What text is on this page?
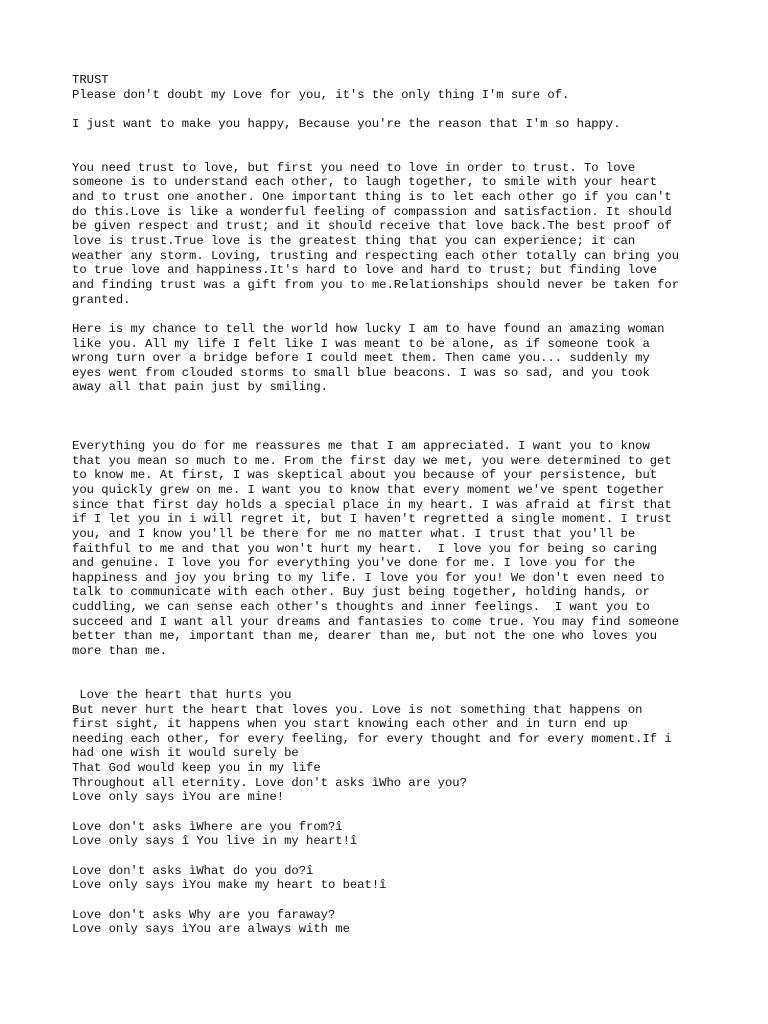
TRUST
Please don't doubt my Love for you, it's the only thing I'm sure of.
I just want to make you happy, Because you're the reason that I'm so happy.
You need trust to love, but first you need to love in order to trust. To love
someone is to understand each other, to laugh together, to smile with your heart
and to trust one another. One important thing is to let each other go if you can't
do this.Love is like a wonderful feeling of compassion and satisfaction. It should
be given respect and trust; and it should receive that love back.The best proof of
love is trust.True love is the greatest thing that you can experience; it can
weather any storm. Loving, trusting and respecting each other totally can bring you
to true love and happiness.It's hard to love and hard to trust; but finding love
and finding trust was a gift from you to me.Relationships should never be taken for
granted.
Here is my chance to tell the world how lucky I am to have found an amazing woman
like you. All my life I felt like I was meant to be alone, as if someone took a
wrong turn over a bridge before I could meet them. Then came you... suddenly my
eyes went from clouded storms to small blue beacons. I was so sad, and you took
away all that pain just by smiling.
Everything you do for me reassures me that I am appreciated. I want you to know
that you mean so much to me. From the first day we met, you were determined to get
to know me. At first, I was skeptical about you because of your persistence, but
you quickly grew on me. I want you to know that every moment we've spent together
since that first day holds a special place in my heart. I was afraid at first that
if I let you in i will regret it, but I haven't regretted a single moment. I trust
you, and I know you'll be there for me no matter what. I trust that you'll be
faithful to me and that you won't hurt my heart.  I love you for being so caring
and genuine. I love you for everything you've done for me. I love you for the
happiness and joy you bring to my life. I love you for you! We don't even need to
talk to communicate with each other. Buy just being together, holding hands, or
cuddling, we can sense each other's thoughts and inner feelings.  I want you to
succeed and I want all your dreams and fantasies to come true. You may find someone
better than me, important than me, dearer than me, but not the one who loves you
more than me.
Love the heart that hurts you
But never hurt the heart that loves you. Love is not something that happens on
first sight, it happens when you start knowing each other and in turn end up
needing each other, for every feeling, for every thought and for every moment.If i
had one wish it would surely be
That God would keep you in my life
Throughout all eternity. Love don't asks ìWho are you?
Love only says ìYou are mine!
Love don't asks ìWhere are you from?î
Love only says î You live in my heart!î
Love don't asks ìWhat do you do?î
Love only says ìYou make my heart to beat!î
Love don't asks Why are you faraway?
Love only says ìYou are always with me
